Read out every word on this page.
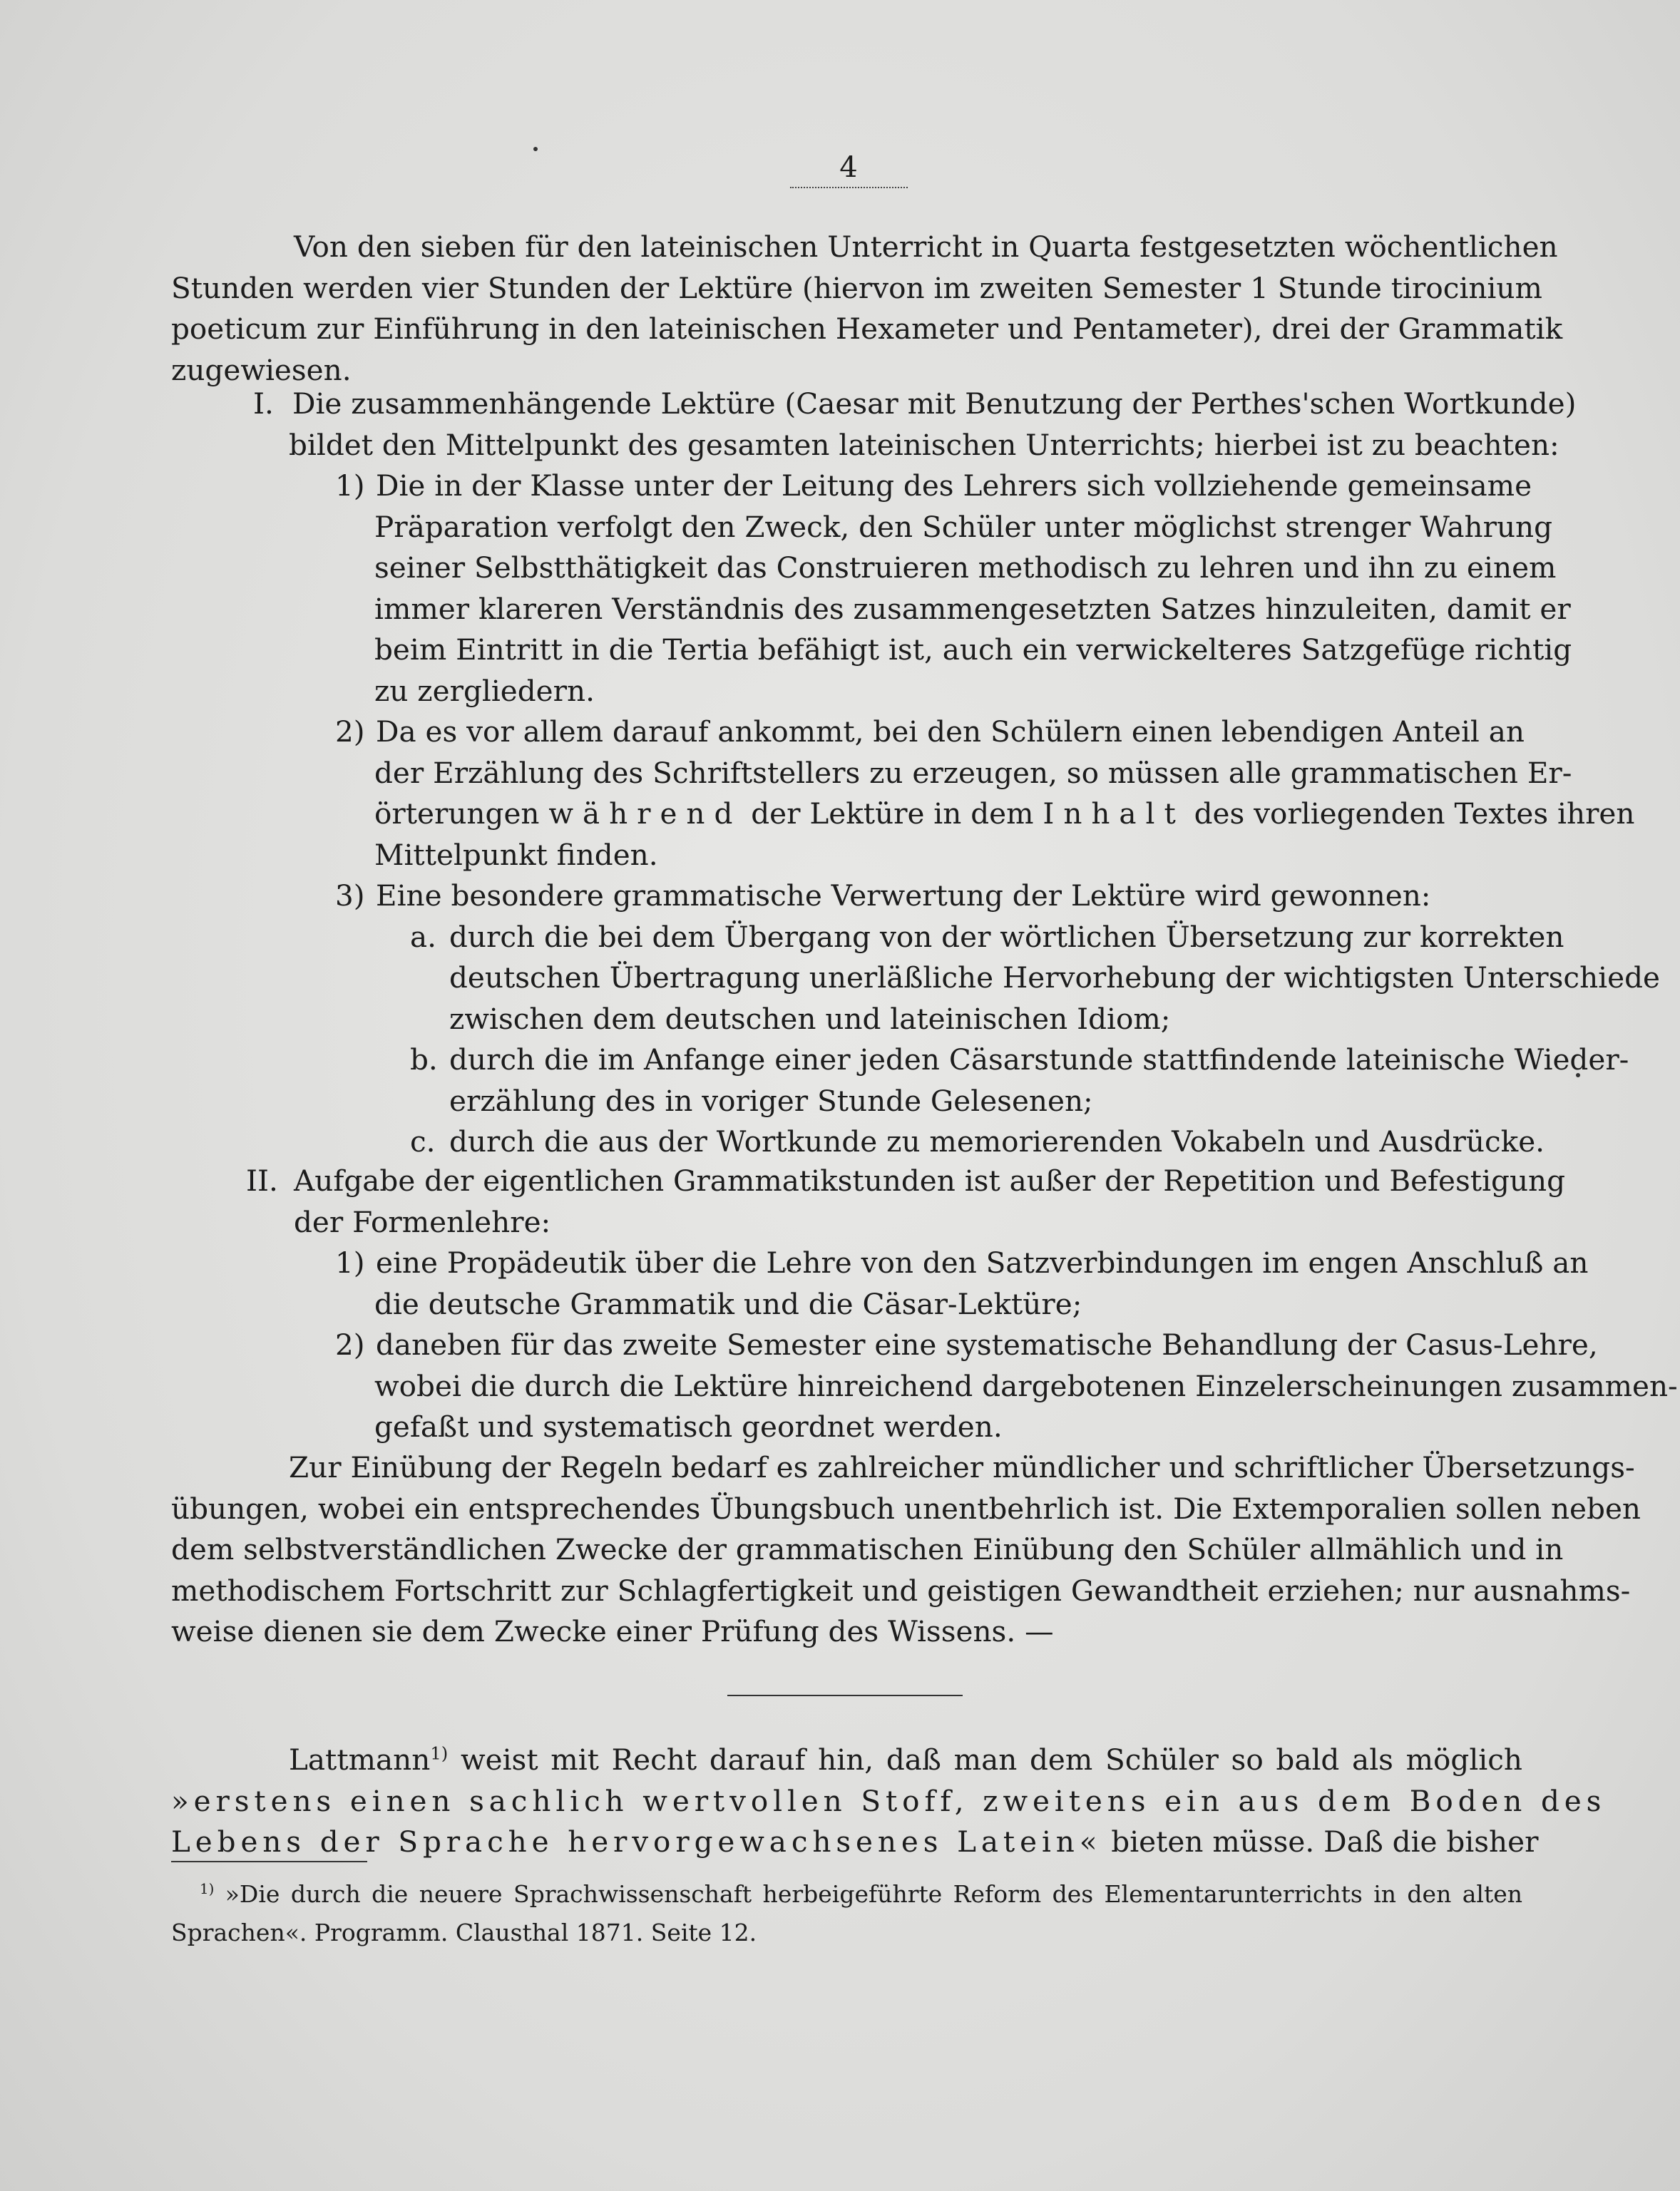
4
Von den sieben für den lateinischen Unterricht in Quarta festgesetzten wöchentlichen
Stunden werden vier Stunden der Lektüre (hiervon im zweiten Semester 1 Stunde tirocinium
poeticum zur Einführung in den lateinischen Hexameter und Pentameter), drei der Grammatik
zugewiesen.
I. Die zusammenhängende Lektüre (Caesar mit Benutzung der Perthes'schen Wortkunde)
bildet den Mittelpunkt des gesamten lateinischen Unterrichts; hierbei ist zu beachten:
1) Die in der Klasse unter der Leitung des Lehrers sich vollziehende gemeinsame
Präparation verfolgt den Zweck, den Schüler unter möglichst strenger Wahrung
seiner Selbstthätigkeit das Construieren methodisch zu lehren und ihn zu einem
immer klareren Verständnis des zusammengesetzten Satzes hinzuleiten, damit er
beim Eintritt in die Tertia befähigt ist, auch ein verwickelteres Satzgefüge richtig
zu zergliedern.
2) Da es vor allem darauf ankommt, bei den Schülern einen lebendigen Anteil an
der Erzählung des Schriftstellers zu erzeugen, so müssen alle grammatischen Er-
örterungen während der Lektüre in dem Inhalt des vorliegenden Textes ihren
Mittelpunkt finden.
3) Eine besondere grammatische Verwertung der Lektüre wird gewonnen:
a. durch die bei dem Übergang von der wörtlichen Übersetzung zur korrekten
deutschen Übertragung unerläßliche Hervorhebung der wichtigsten Unterschiede
zwischen dem deutschen und lateinischen Idiom;
b. durch die im Anfange einer jeden Cäsarstunde stattfindende lateinische Wieder-
erzählung des in voriger Stunde Gelesenen;
c. durch die aus der Wortkunde zu memorierenden Vokabeln und Ausdrücke.
II. Aufgabe der eigentlichen Grammatikstunden ist außer der Repetition und Befestigung
der Formenlehre:
1) eine Propädeutik über die Lehre von den Satzverbindungen im engen Anschluß an
die deutsche Grammatik und die Cäsar-Lektüre;
2) daneben für das zweite Semester eine systematische Behandlung der Casus-Lehre,
wobei die durch die Lektüre hinreichend dargebotenen Einzelerscheinungen zusammen-
gefaßt und systematisch geordnet werden.
Zur Einübung der Regeln bedarf es zahlreicher mündlicher und schriftlicher Übersetzungs-
übungen, wobei ein entsprechendes Übungsbuch unentbehrlich ist. Die Extemporalien sollen neben
dem selbstverständlichen Zwecke der grammatischen Einübung den Schüler allmählich und in
methodischem Fortschritt zur Schlagfertigkeit und geistigen Gewandtheit erziehen; nur ausnahms-
weise dienen sie dem Zwecke einer Prüfung des Wissens. —
Lattmann$^{1)}$ weist mit Recht darauf hin, daß man dem Schüler so bald als möglich
»erstens einen sachlich wertvollen Stoff, zweitens ein aus dem Boden des
Lebens der Sprache hervorgewachsenes Latein« bieten müsse. Daß die bisher
$^{1)}$ »Die durch die neuere Sprachwissenschaft herbeigeführte Reform des Elementarunterrichts in den alten
Sprachen«. Programm. Clausthal 1871. Seite 12.
